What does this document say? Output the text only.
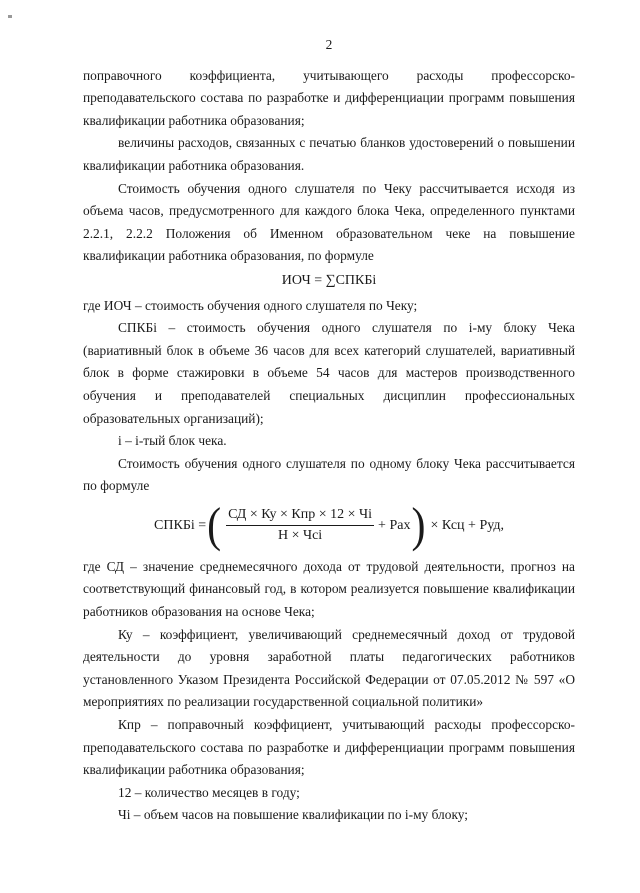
2

поправочного коэффициента, учитывающего расходы профессорско-преподавательского состава по разработке и дифференциации программ повышения квалификации работника образования;

величины расходов, связанных с печатью бланков удостоверений о повышении квалификации работника образования.

Стоимость обучения одного слушателя по Чеку рассчитывается исходя из объема часов, предусмотренного для каждого блока Чека, определенного пунктами 2.2.1, 2.2.2 Положения об Именном образовательном чеке на повышение квалификации работника образования, по формуле

ИОЧ = ∑СПКБi

где ИОЧ – стоимость обучения одного слушателя по Чеку;

СПКБi – стоимость обучения одного слушателя по i-му блоку Чека (вариативный блок в объеме 36 часов для всех категорий слушателей, вариативный блок в форме стажировки в объеме 54 часов для мастеров производственного обучения и преподавателей специальных дисциплин профессиональных образовательных организаций);

i – i-тый блок чека.

Стоимость обучения одного слушателя по одному блоку Чека рассчитывается по формуле

СПКБi = ( $\frac{\text{СД × Ку × Кпр × 12 × Чi}}{\text{Н × Чсi}}$ + Pax ) × Ксц + Руд,

где СД – значение среднемесячного дохода от трудовой деятельности, прогноз на соответствующий финансовый год, в котором реализуется повышение квалификации работников образования на основе Чека;

Ку – коэффициент, увеличивающий среднемесячный доход от трудовой деятельности до уровня заработной платы педагогических работников установленного Указом Президента Российской Федерации от 07.05.2012 № 597 «О мероприятиях по реализации государственной социальной политики»

Кпр – поправочный коэффициент, учитывающий расходы профессорско-преподавательского состава по разработке и дифференциации программ повышения квалификации работника образования;

12 – количество месяцев в году;

Чi – объем часов на повышение квалификации по i-му блоку;
